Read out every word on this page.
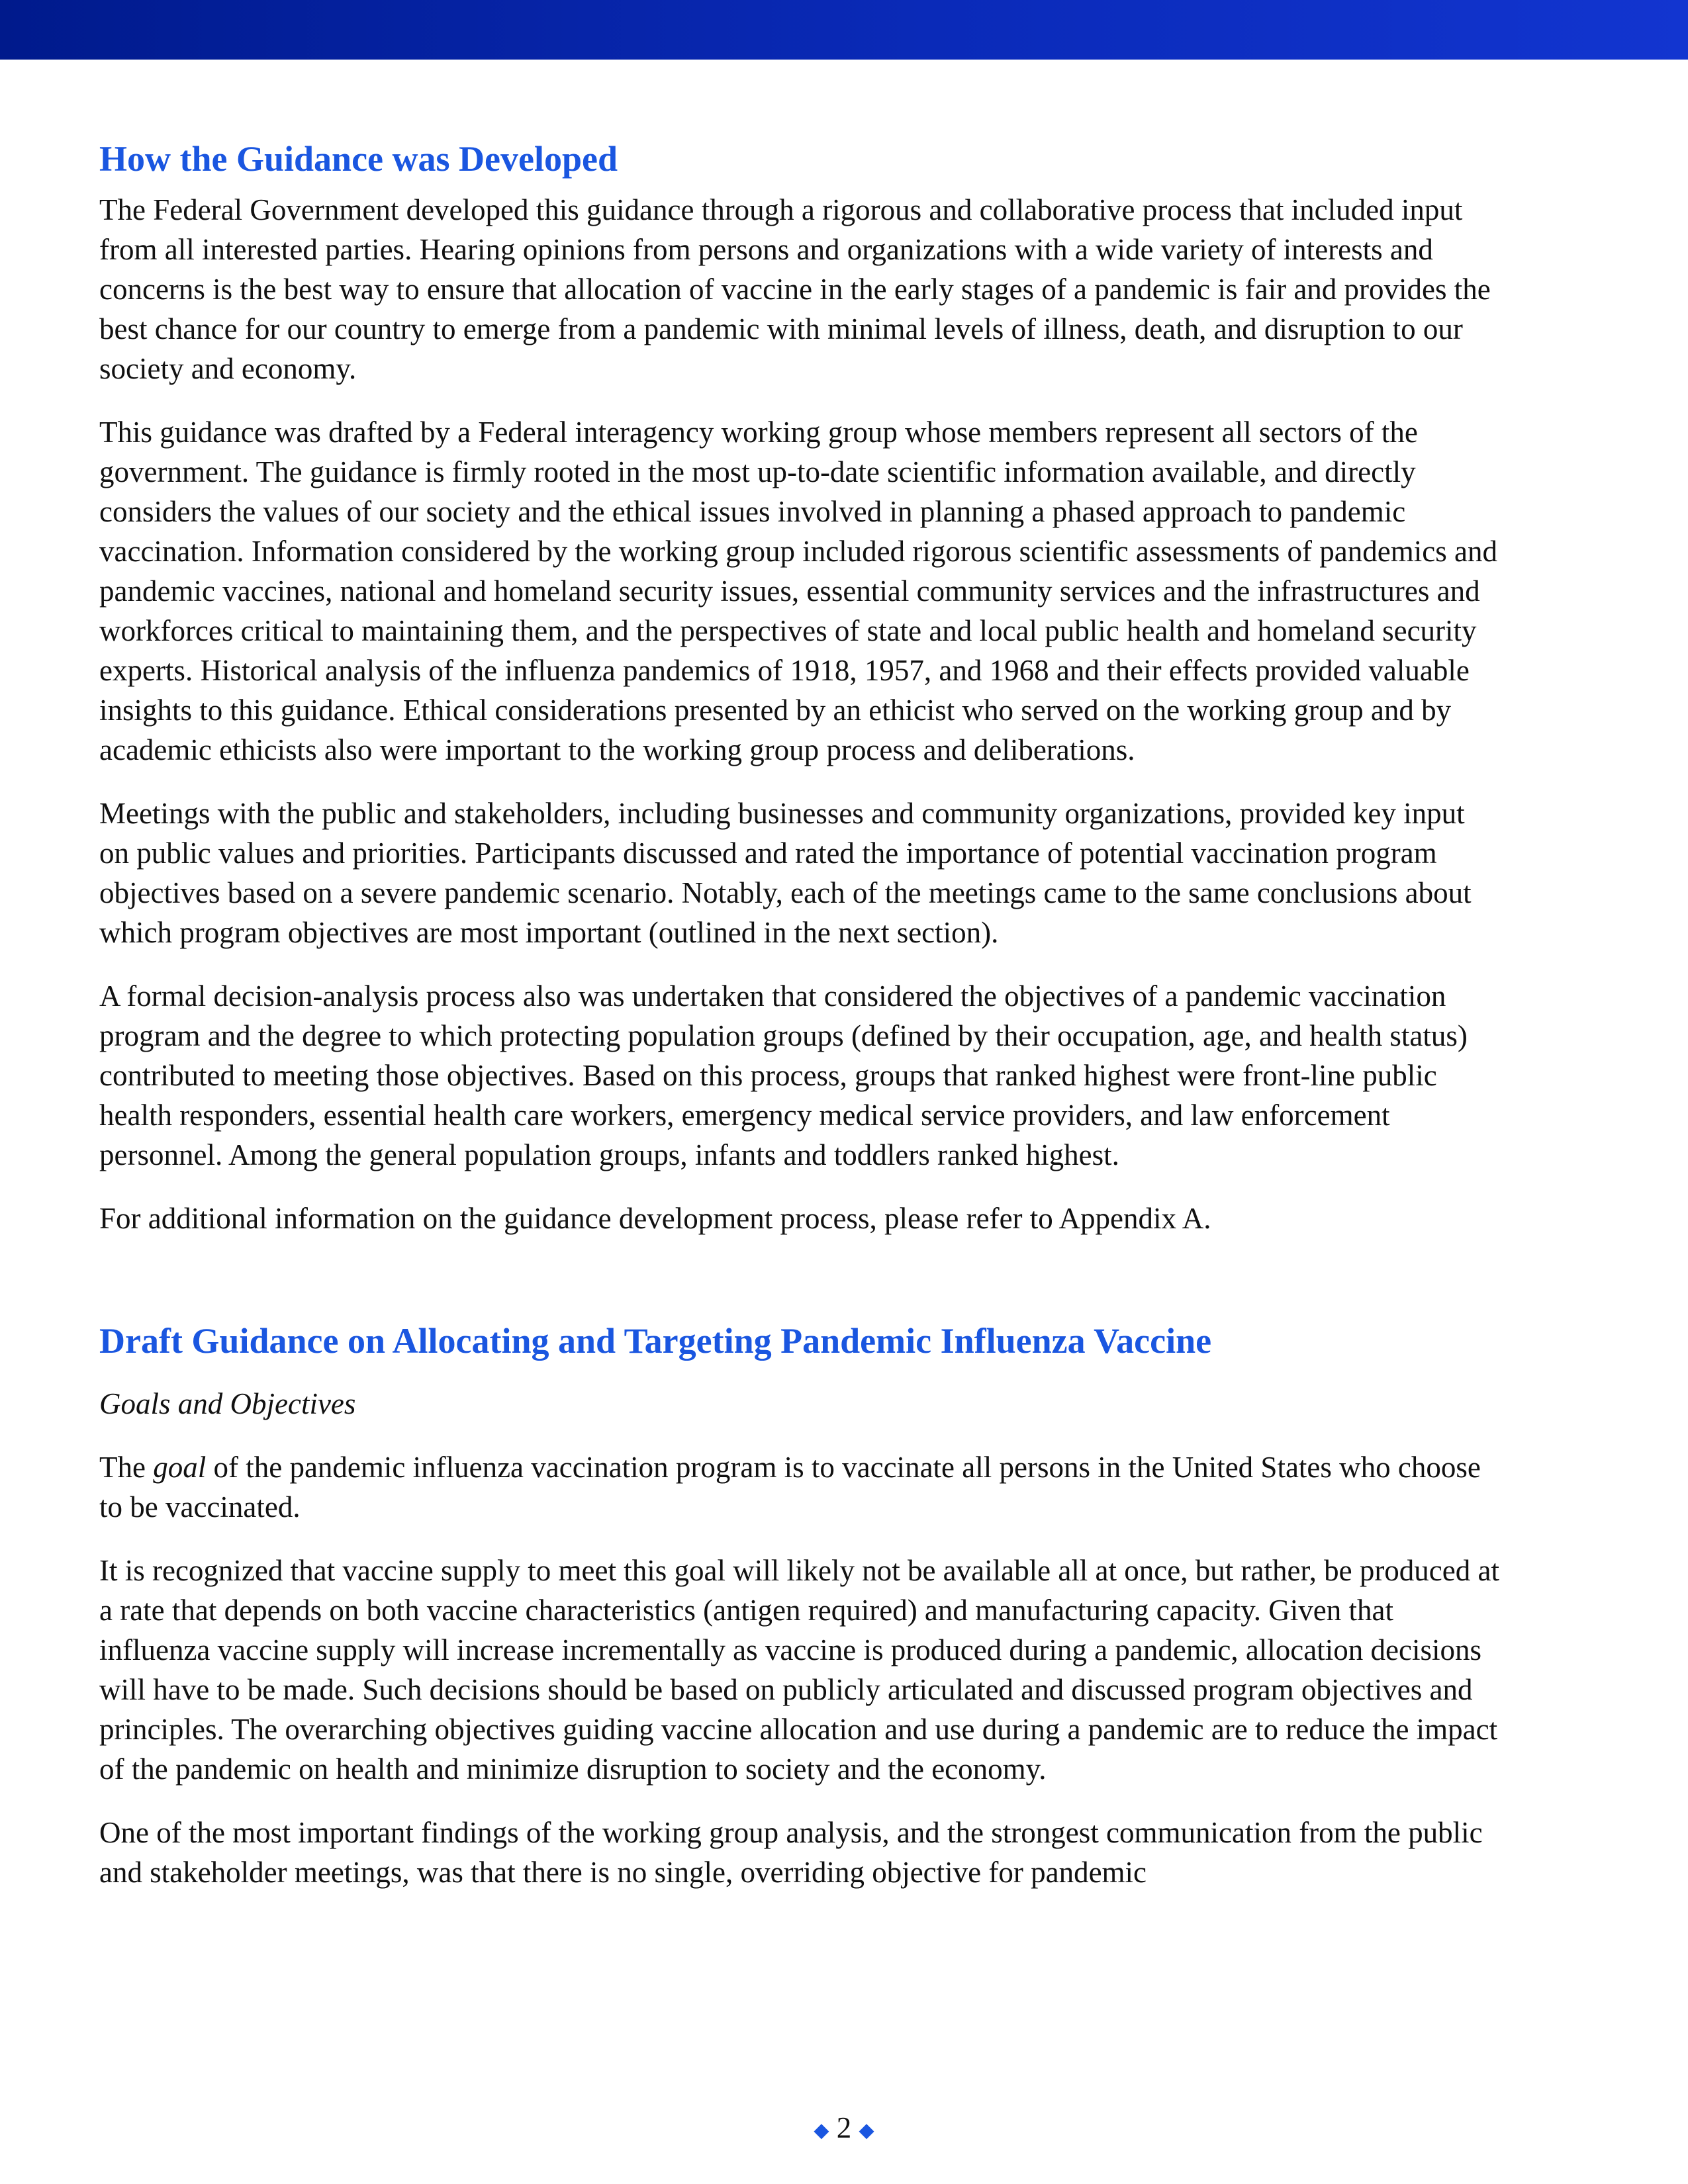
How the Guidance was Developed

The Federal Government developed this guidance through a rigorous and collaborative process that included input from all interested parties. Hearing opinions from persons and organizations with a wide variety of interests and concerns is the best way to ensure that allocation of vaccine in the early stages of a pandemic is fair and provides the best chance for our country to emerge from a pandemic with minimal levels of illness, death, and disruption to our society and economy.

This guidance was drafted by a Federal interagency working group whose members represent all sectors of the government. The guidance is firmly rooted in the most up-to-date scientific information available, and directly considers the values of our society and the ethical issues involved in planning a phased approach to pandemic vaccination. Information considered by the working group included rigorous scientific assessments of pandemics and pandemic vaccines, national and homeland security issues, essential community services and the infrastructures and workforces critical to maintaining them, and the perspectives of state and local public health and homeland security experts. Historical analysis of the influenza pandemics of 1918, 1957, and 1968 and their effects provided valuable insights to this guidance. Ethical considerations presented by an ethicist who served on the working group and by academic ethicists also were important to the working group process and deliberations.

Meetings with the public and stakeholders, including businesses and community organizations, provided key input on public values and priorities. Participants discussed and rated the importance of potential vaccination program objectives based on a severe pandemic scenario. Notably, each of the meetings came to the same conclusions about which program objectives are most important (outlined in the next section).

A formal decision-analysis process also was undertaken that considered the objectives of a pandemic vaccination program and the degree to which protecting population groups (defined by their occupation, age, and health status) contributed to meeting those objectives. Based on this process, groups that ranked highest were front-line public health responders, essential health care workers, emergency medical service providers, and law enforcement personnel. Among the general population groups, infants and toddlers ranked highest.

For additional information on the guidance development process, please refer to Appendix A.

Draft Guidance on Allocating and Targeting Pandemic Influenza Vaccine

Goals and Objectives

The goal of the pandemic influenza vaccination program is to vaccinate all persons in the United States who choose to be vaccinated.

It is recognized that vaccine supply to meet this goal will likely not be available all at once, but rather, be produced at a rate that depends on both vaccine characteristics (antigen required) and manufacturing capacity. Given that influenza vaccine supply will increase incrementally as vaccine is produced during a pandemic, allocation decisions will have to be made. Such decisions should be based on publicly articulated and discussed program objectives and principles. The overarching objectives guiding vaccine allocation and use during a pandemic are to reduce the impact of the pandemic on health and minimize disruption to society and the economy.

One of the most important findings of the working group analysis, and the strongest communication from the public and stakeholder meetings, was that there is no single, overriding objective for pandemic

◆ 2 ◆
